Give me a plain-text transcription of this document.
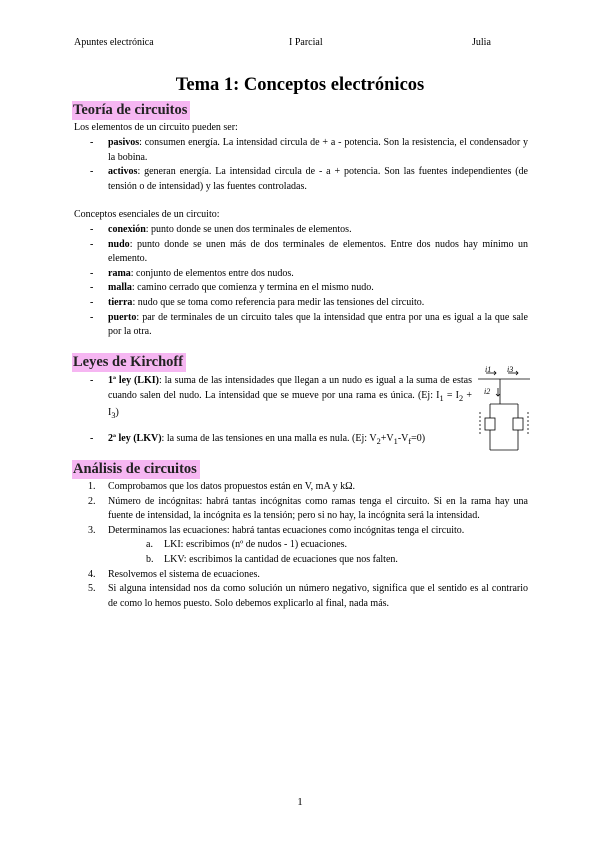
Apuntes electrónica	I Parcial	Julia
Tema 1: Conceptos electrónicos
Teoría de circuitos

Los elementos de un circuito pueden ser:

- pasivos: consumen energía. La intensidad circula de + a - potencia. Son la resistencia, el condensador y la bobina.
- activos: generan energía. La intensidad circula de - a + potencia. Son las fuentes independientes (de tensión o de intensidad) y las fuentes controladas.

Conceptos esenciales de un circuito:

- conexión: punto donde se unen dos terminales de elementos.
- nudo: punto donde se unen más de dos terminales de elementos. Entre dos nudos hay mínimo un elemento.
- rama: conjunto de elementos entre dos nudos.
- malla: camino cerrado que comienza y termina en el mismo nudo.
- tierra: nudo que se toma como referencia para medir las tensiones del circuito.
- puerto: par de terminales de un circuito tales que la intensidad que entra por una es igual a la que sale por la otra.
Leyes de Kirchoff
- 1ª ley (LKI): la suma de las intensidades que llegan a un nudo es igual a la suma de estas cuando salen del nudo. La intensidad que se mueve por una rama es única. (Ej: $I_1 = I_2 + I_3$)
- 2ª ley (LKV): la suma de las tensiones en una malla es nula. (Ej: $V_2+V_1-V_f=0$)
i1 i3
i2
Análisis de circuitos
Comprobamos que los datos propuestos están en V, mA y kΩ.
Número de incógnitas: habrá tantas incógnitas como ramas tenga el circuito. Si en la rama hay una fuente de intensidad, la incógnita es la tensión; pero si no hay, la incógnita será la intensidad.
Determinamos las ecuaciones: habrá tantas ecuaciones como incógnitas tenga el circuito.
LKI: escribimos (nº de nudos - 1) ecuaciones.
LKV: escribimos la cantidad de ecuaciones que nos falten.
Resolvemos el sistema de ecuaciones.
Si alguna intensidad nos da como solución un número negativo, significa que el sentido es al contrario de como lo hemos puesto. Solo debemos explicarlo al final, nada más.
1
